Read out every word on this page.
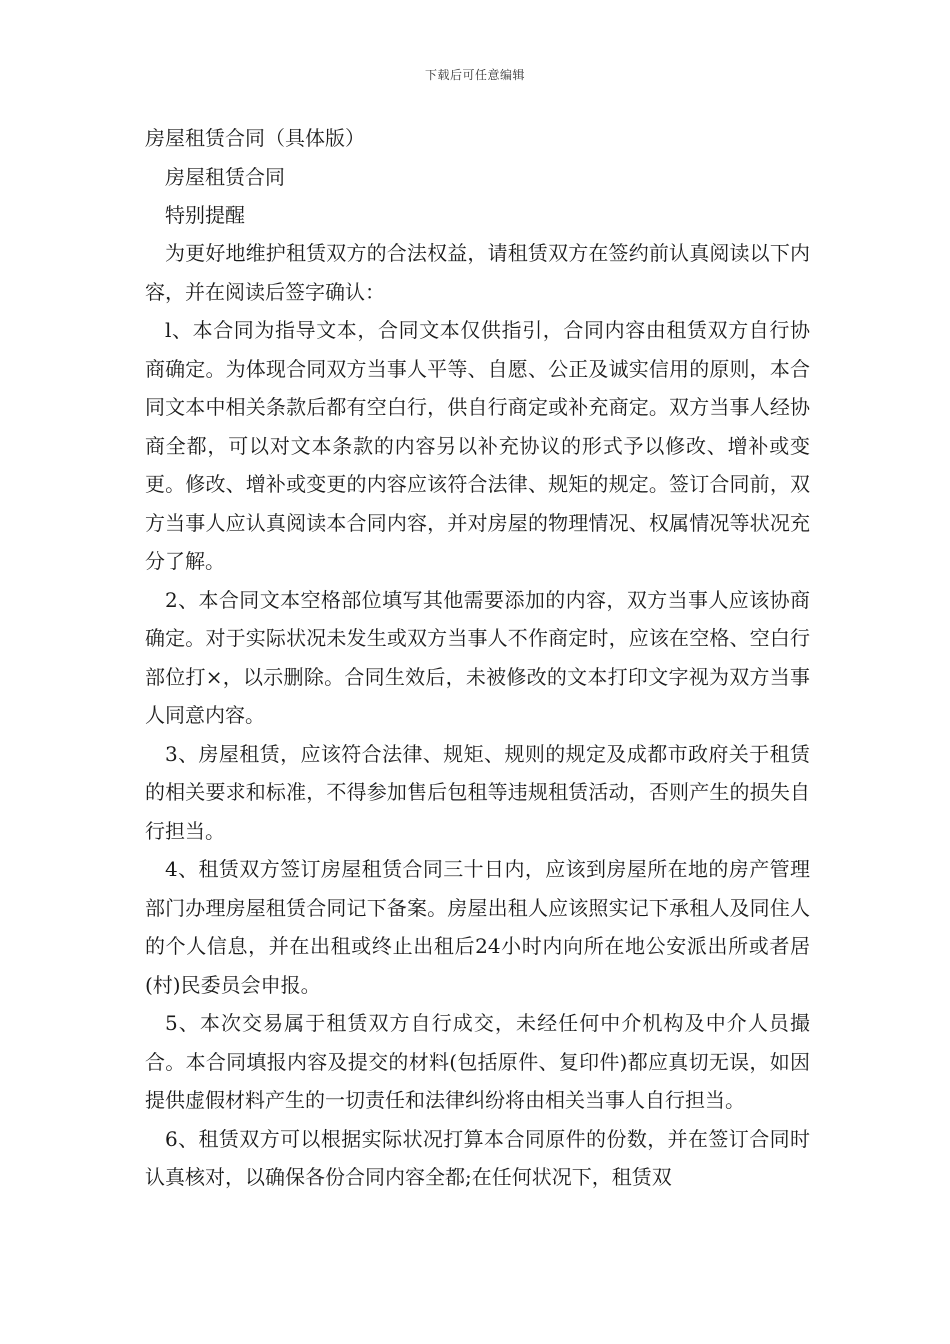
下载后可任意编辑

房屋租赁合同（具体版）

房屋租赁合同

特别提醒

为更好地维护租赁双方的合法权益，请租赁双方在签约前认真阅读以下内容，并在阅读后签字确认：

l、本合同为指导文本，合同文本仅供指引，合同内容由租赁双方自行协商确定。为体现合同双方当事人平等、自愿、公正及诚实信用的原则，本合同文本中相关条款后都有空白行，供自行商定或补充商定。双方当事人经协商全都，可以对文本条款的内容另以补充协议的形式予以修改、增补或变更。修改、增补或变更的内容应该符合法律、规矩的规定。签订合同前，双方当事人应认真阅读本合同内容，并对房屋的物理情况、权属情况等状况充分了解。

2、本合同文本空格部位填写其他需要添加的内容，双方当事人应该协商确定。对于实际状况未发生或双方当事人不作商定时，应该在空格、空白行部位打×，以示删除。合同生效后，未被修改的文本打印文字视为双方当事人同意内容。

3、房屋租赁，应该符合法律、规矩、规则的规定及成都市政府关于租赁的相关要求和标准，不得参加售后包租等违规租赁活动，否则产生的损失自行担当。

4、租赁双方签订房屋租赁合同三十日内，应该到房屋所在地的房产管理部门办理房屋租赁合同记下备案。房屋出租人应该照实记下承租人及同住人的个人信息，并在出租或终止出租后24小时内向所在地公安派出所或者居(村)民委员会申报。

5、本次交易属于租赁双方自行成交，未经任何中介机构及中介人员撮合。本合同填报内容及提交的材料(包括原件、复印件)都应真切无误，如因提供虚假材料产生的一切责任和法律纠纷将由相关当事人自行担当。

6、租赁双方可以根据实际状况打算本合同原件的份数，并在签订合同时认真核对，以确保各份合同内容全都;在任何状况下，租赁双
